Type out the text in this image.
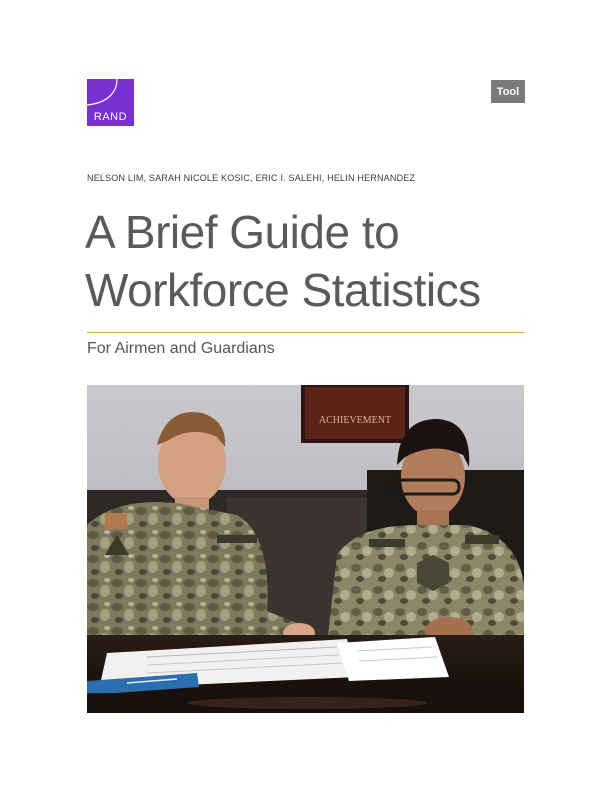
RAND
Tool
NELSON LIM, SARAH NICOLE KOSIC, ERIC I. SALEHI, HELIN HERNANDEZ
A Brief Guide to
Workforce Statistics
For Airmen and Guardians
ACHIEVEMENT
